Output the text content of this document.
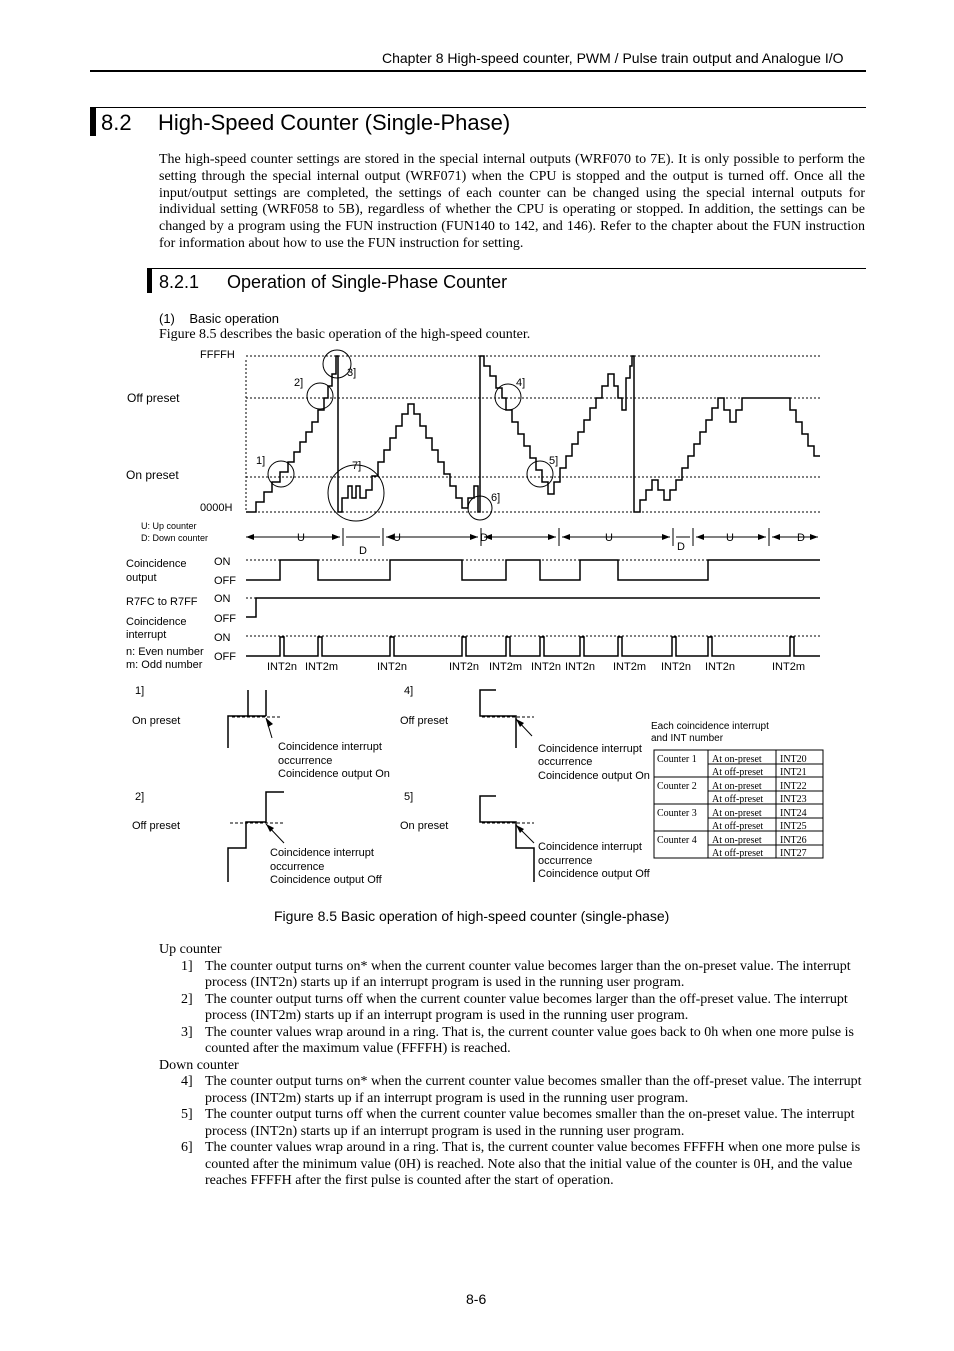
Chapter 8 High-speed counter, PWM / Pulse train output and Analogue I/O
8.2 High-Speed Counter (Single-Phase)
The high-speed counter settings are stored in the special internal outputs (WRF070 to 7E). It is only possible to perform the setting through the special internal output (WRF071) when the CPU is stopped and the output is turned off. Once all the input/output settings are completed, the settings of each counter can be changed using the special internal outputs for individual setting (WRF058 to 5B), regardless of whether the CPU is operating or stopped. In addition, the settings can be changed by a program using the FUN instruction (FUN140 to 142, and 146). Refer to the chapter about the FUN instruction for information about how to use the FUN instruction for setting.
8.2.1 Operation of Single-Phase Counter
(1)    Basic operation
Figure 8.5 describes the basic operation of the high-speed counter.
FFFFH
0000H
Off preset
On preset
U: Up counter
D: Down counter
1]
2]
3]
4]
5]
6]
7]
U
D
U	D	U
D
U	D
Coincidence
output
ON
OFF
R7FC to R7FF ON
Coincidence
interrupt
OFF
ON
n: Even number
m: Odd number
OFF
INT2n INT2m	INT2n	INT2n INT2m INT2n INT2n INT2m INT2n INT2n	INT2m
1]
On preset
Coincidence interrupt
occurrence
Coincidence output On
2]
Off preset
Coincidence interrupt
occurrence
Coincidence output Off
4]
Off preset
Coincidence interrupt
occurrence
Coincidence output On
5]
On preset
Coincidence interrupt
occurrence
Coincidence output Off
Each coincidence interrupt
and INT number
Counter 1 At on-preset INT20
At off-preset INT21
Counter 2 At on-preset INT22
At off-preset INT23
Counter 3 At on-preset INT24
At off-preset INT25
Counter 4 At on-preset INT26
At off-preset INT27
Figure 8.5 Basic operation of high-speed counter (single-phase)

Up counter

1] The counter output turns on* when the current counter value becomes larger than the on-preset value. The interrupt process (INT2n) starts up if an interrupt program is used in the running user program.

2] The counter output turns off when the current counter value becomes larger than the off-preset value. The interrupt process (INT2m) starts up if an interrupt program is used in the running user program.

3] The counter values wrap around in a ring. That is, the current counter value goes back to 0h when one more pulse is counted after the maximum value (FFFFH) is reached.

Down counter

4] The counter output turns on* when the current counter value becomes smaller than the off-preset value. The interrupt process (INT2m) starts up if an interrupt program is used in the running user program.

5] The counter output turns off when the current counter value becomes smaller than the on-preset value. The interrupt process (INT2n) starts up if an interrupt program is used in the running user program.

6] The counter values wrap around in a ring. That is, the current counter value becomes FFFFH when one more pulse is counted after the minimum value (0H) is reached. Note also that the initial value of the counter is 0H, and the value reaches FFFFH after the first pulse is counted after the start of operation.

8-6
